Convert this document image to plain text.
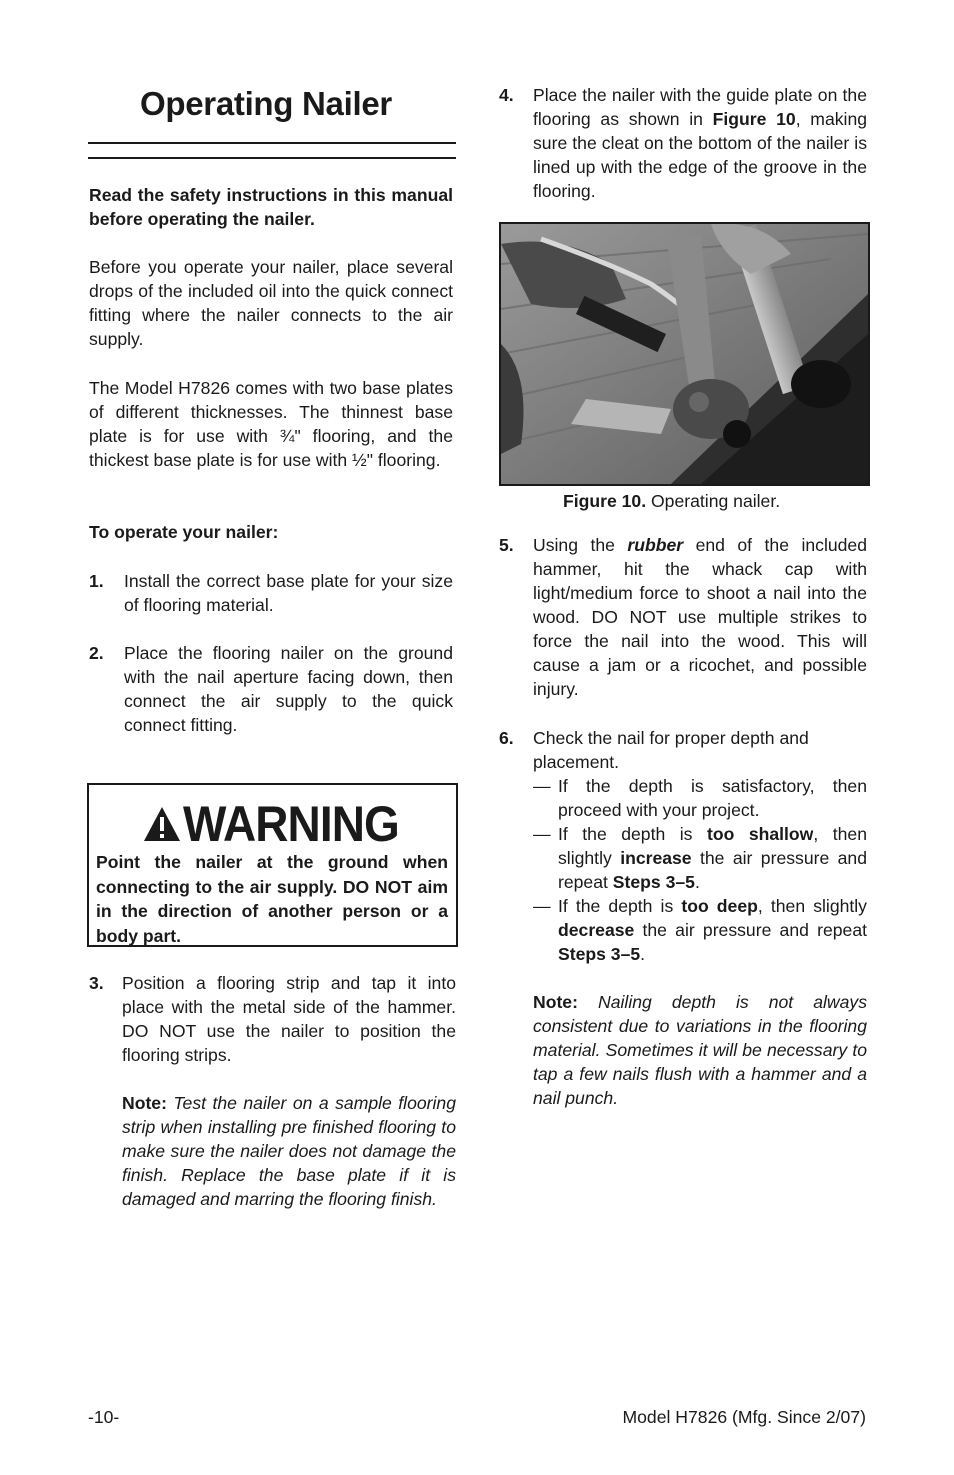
Operating Nailer
Read the safety instructions in this manual before operating the nailer.
Before you operate your nailer, place several drops of the included oil into the quick connect fitting where the nailer connects to the air supply.
The Model H7826 comes with two base plates of different thicknesses. The thinnest base plate is for use with ¾" flooring, and the thickest base plate is for use with ½" flooring.
To operate your nailer:
1. Install the correct base plate for your size of flooring material.
2. Place the flooring nailer on the ground with the nail aperture facing down, then connect the air supply to the quick connect fitting.
WARNING
Point the nailer at the ground when connecting to the air supply. DO NOT aim in the direction of another person or a body part.
3. Position a flooring strip and tap it into place with the metal side of the hammer. DO NOT use the nailer to position the flooring strips.
Note: Test the nailer on a sample flooring strip when installing pre finished flooring to make sure the nailer does not damage the finish. Replace the base plate if it is damaged and marring the flooring finish.
4. Place the nailer with the guide plate on the flooring as shown in Figure 10, making sure the cleat on the bottom of the nailer is lined up with the edge of the groove in the flooring.
Figure 10. Operating nailer.
5. Using the rubber end of the included hammer, hit the whack cap with light/medium force to shoot a nail into the wood. DO NOT use multiple strikes to force the nail into the wood. This will cause a jam or a ricochet, and possible injury.
6. Check the nail for proper depth and placement.
— If the depth is satisfactory, then proceed with your project.
— If the depth is too shallow, then slightly increase the air pressure and repeat Steps 3–5.
— If the depth is too deep, then slightly decrease the air pressure and repeat Steps 3–5.
Note: Nailing depth is not always consistent due to variations in the flooring material. Sometimes it will be necessary to tap a few nails flush with a hammer and a nail punch.
-10-	Model H7826 (Mfg. Since 2/07)
